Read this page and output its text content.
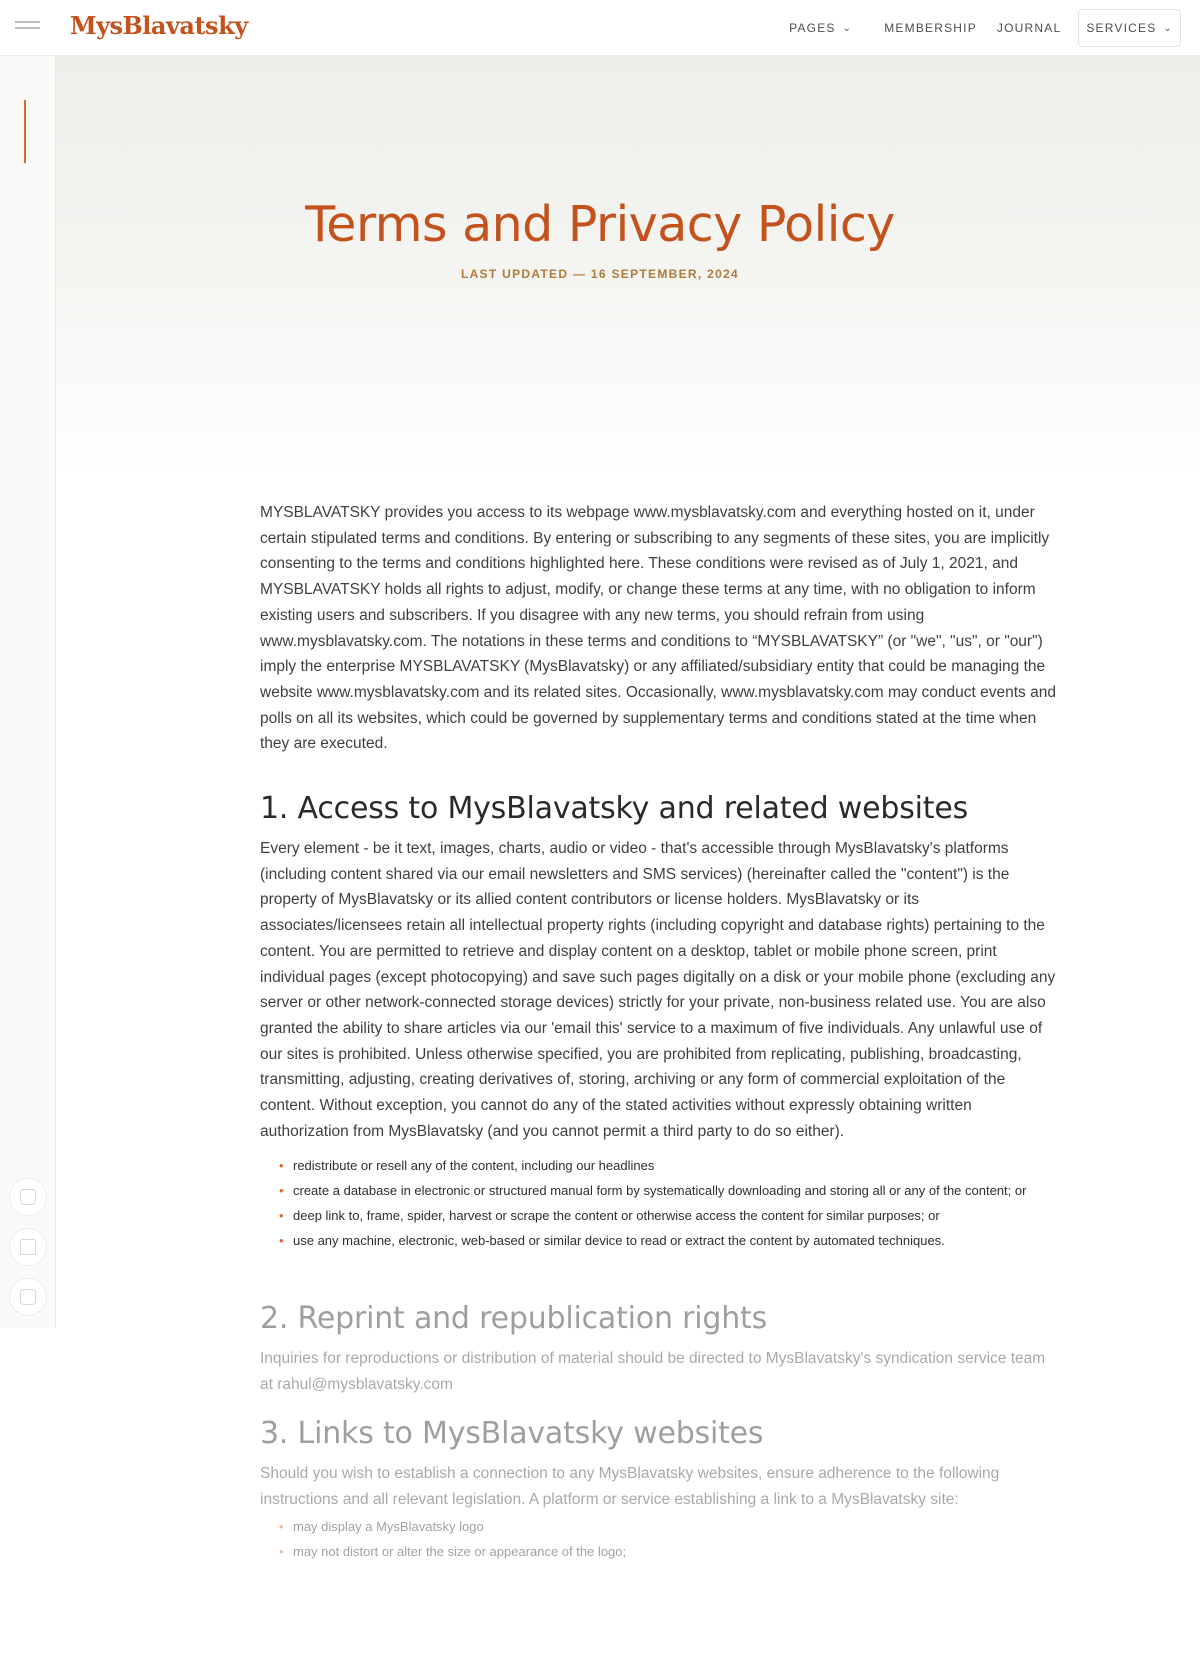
MysBlavatsky	PAGES ⌄	MEMBERSHIP JOURNAL SERVICES ⌄
Terms and Privacy Policy
LAST UPDATED — 16 SEPTEMBER, 2024

MYSBLAVATSKY provides you access to its webpage www.mysblavatsky.com and everything hosted on it, under certain stipulated terms and conditions. By entering or subscribing to any segments of these sites, you are implicitly consenting to the terms and conditions highlighted here. These conditions were revised as of July 1, 2021, and MYSBLAVATSKY holds all rights to adjust, modify, or change these terms at any time, with no obligation to inform existing users and subscribers. If you disagree with any new terms, you should refrain from using www.mysblavatsky.com. The notations in these terms and conditions to “MYSBLAVATSKY” (or "we", "us", or "our") imply the enterprise MYSBLAVATSKY (MysBlavatsky) or any affiliated/subsidiary entity that could be managing the website www.mysblavatsky.com and its related sites. Occasionally, www.mysblavatsky.com may conduct events and polls on all its websites, which could be governed by supplementary terms and conditions stated at the time when they are executed.

1. Access to MysBlavatsky and related websites

Every element - be it text, images, charts, audio or video - that's accessible through MysBlavatsky's platforms (including content shared via our email newsletters and SMS services) (hereinafter called the "content") is the property of MysBlavatsky or its allied content contributors or license holders. MysBlavatsky or its associates/licensees retain all intellectual property rights (including copyright and database rights) pertaining to the content. You are permitted to retrieve and display content on a desktop, tablet or mobile phone screen, print individual pages (except photocopying) and save such pages digitally on a disk or your mobile phone (excluding any server or other network-connected storage devices) strictly for your private, non-business related use. You are also granted the ability to share articles via our 'email this' service to a maximum of five individuals. Any unlawful use of our sites is prohibited. Unless otherwise specified, you are prohibited from replicating, publishing, broadcasting, transmitting, adjusting, creating derivatives of, storing, archiving or any form of commercial exploitation of the content. Without exception, you cannot do any of the stated activities without expressly obtaining written authorization from MysBlavatsky (and you cannot permit a third party to do so either).

• redistribute or resell any of the content, including our headlines
• create a database in electronic or structured manual form by systematically downloading and storing all or any of the content; or
• deep link to, frame, spider, harvest or scrape the content or otherwise access the content for similar purposes; or
• use any machine, electronic, web-based or similar device to read or extract the content by automated techniques.
2. Reprint and republication rights

Inquiries for reproductions or distribution of material should be directed to MysBlavatsky's syndication service team at rahul@mysblavatsky.com

3. Links to MysBlavatsky websites

Should you wish to establish a connection to any MysBlavatsky websites, ensure adherence to the following instructions and all relevant legislation. A platform or service establishing a link to a MysBlavatsky site:

• may display a MysBlavatsky logo
• may not distort or alter the size or appearance of the logo;
